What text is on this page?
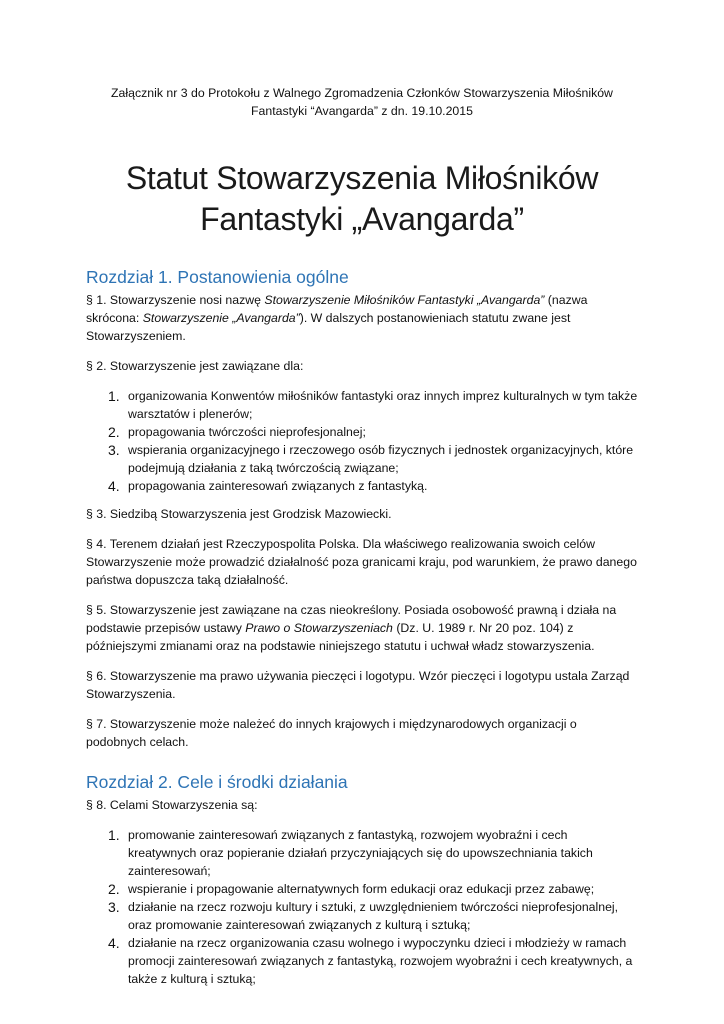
Załącznik nr 3 do Protokołu z Walnego Zgromadzenia Członków Stowarzyszenia Miłośników
Fantastyki “Avangarda” z dn. 19.10.2015
Statut Stowarzyszenia Miłośników
Fantastyki „Avangarda”
Rozdział 1. Postanowienia ogólne

§ 1. Stowarzyszenie nosi nazwę Stowarzyszenie Miłośników Fantastyki „Avangarda” (nazwa skrócona: Stowarzyszenie „Avangarda”). W dalszych postanowieniach statutu zwane jest Stowarzyszeniem.

§ 2. Stowarzyszenie jest zawiązane dla:

1. organizowania Konwentów miłośników fantastyki oraz innych imprez kulturalnych w tym także warsztatów i plenerów;
2. propagowania twórczości nieprofesjonalnej;
3. wspierania organizacyjnego i rzeczowego osób fizycznych i jednostek organizacyjnych, które podejmują działania z taką twórczością związane;
4. propagowania zainteresowań związanych z fantastyką.

§ 3. Siedzibą Stowarzyszenia jest Grodzisk Mazowiecki.

§ 4. Terenem działań jest Rzeczypospolita Polska. Dla właściwego realizowania swoich celów Stowarzyszenie może prowadzić działalność poza granicami kraju, pod warunkiem, że prawo danego państwa dopuszcza taką działalność.

§ 5. Stowarzyszenie jest zawiązane na czas nieokreślony. Posiada osobowość prawną i działa na podstawie przepisów ustawy Prawo o Stowarzyszeniach (Dz. U. 1989 r. Nr 20 poz. 104) z późniejszymi zmianami oraz na podstawie niniejszego statutu i uchwał władz stowarzyszenia.

§ 6. Stowarzyszenie ma prawo używania pieczęci i logotypu. Wzór pieczęci i logotypu ustala Zarząd Stowarzyszenia.

§ 7. Stowarzyszenie może należeć do innych krajowych i międzynarodowych organizacji o podobnych celach.

Rozdział 2. Cele i środki działania

§ 8. Celami Stowarzyszenia są:

1. promowanie zainteresowań związanych z fantastyką, rozwojem wyobraźni i cech kreatywnych oraz popieranie działań przyczyniających się do upowszechniania takich zainteresowań;
2. wspieranie i propagowanie alternatywnych form edukacji oraz edukacji przez zabawę;
3. działanie na rzecz rozwoju kultury i sztuki, z uwzględnieniem twórczości nieprofesjonalnej, oraz promowanie zainteresowań związanych z kulturą i sztuką;
4. działanie na rzecz organizowania czasu wolnego i wypoczynku dzieci i młodzieży w ramach promocji zainteresowań związanych z fantastyką, rozwojem wyobraźni i cech kreatywnych, a także z kulturą i sztuką;
